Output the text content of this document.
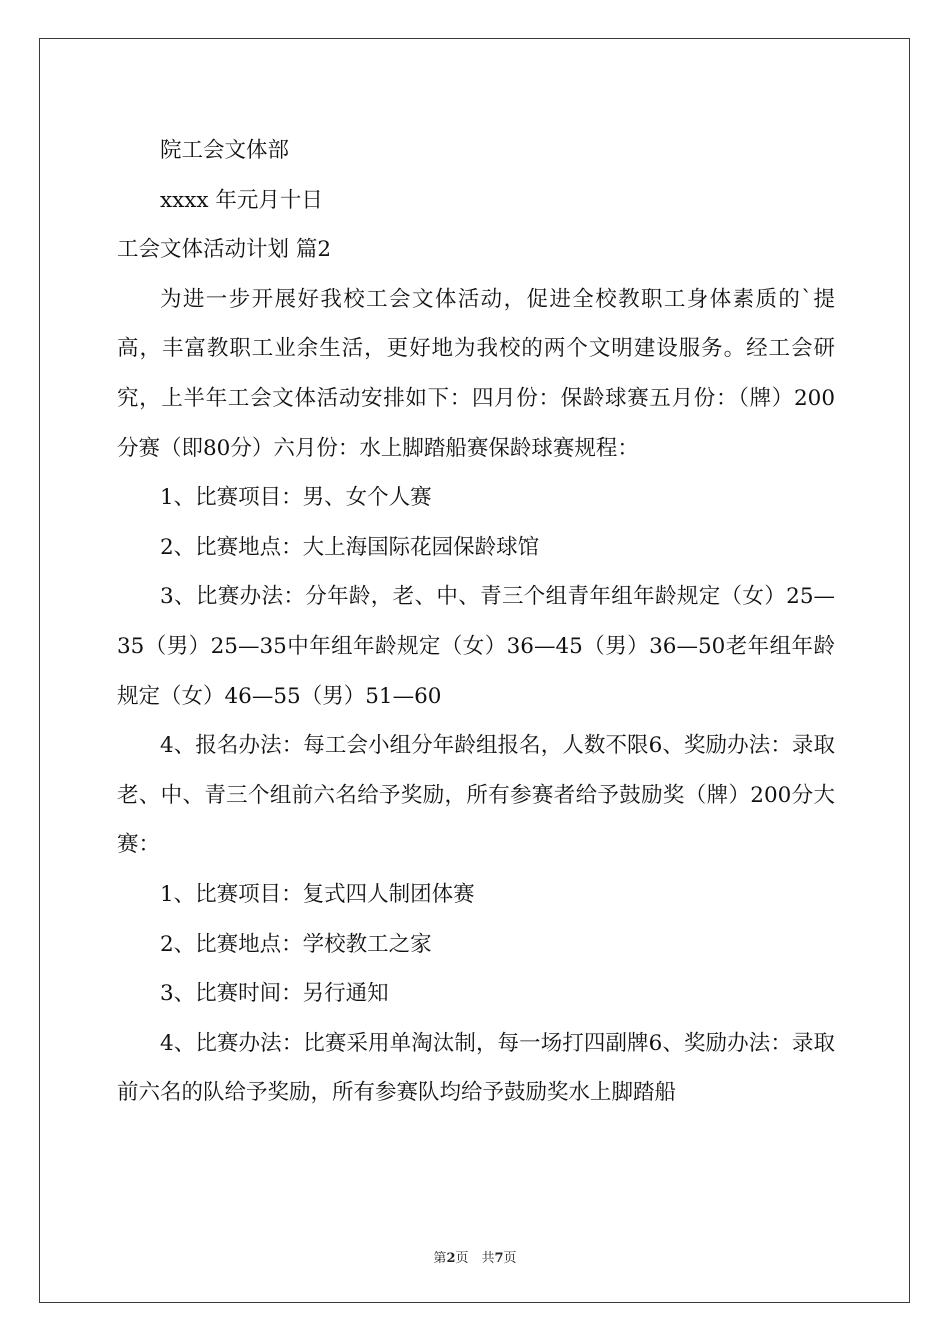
院工会文体部

xxxx 年元月十日

工会文体活动计划 篇2

为进一步开展好我校工会文体活动，促进全校教职工身体素质的`提高，丰富教职工业余生活，更好地为我校的两个文明建设服务。经工会研究，上半年工会文体活动安排如下：四月份：保龄球赛五月份：（牌）200分赛（即80分）六月份：水上脚踏船赛保龄球赛规程：

1、比赛项目：男、女个人赛

2、比赛地点：大上海国际花园保龄球馆

3、比赛办法：分年龄，老、中、青三个组青年组年龄规定（女）25—35（男）25—35中年组年龄规定（女）36—45（男）36—50老年组年龄规定（女）46—55（男）51—60

4、报名办法：每工会小组分年龄组报名，人数不限6、奖励办法：录取老、中、青三个组前六名给予奖励，所有参赛者给予鼓励奖（牌）200分大赛：

1、比赛项目：复式四人制团体赛

2、比赛地点：学校教工之家

3、比赛时间：另行通知

4、比赛办法：比赛采用单淘汰制，每一场打四副牌6、奖励办法：录取前六名的队给予奖励，所有参赛队均给予鼓励奖水上脚踏船

第2页　共7页
